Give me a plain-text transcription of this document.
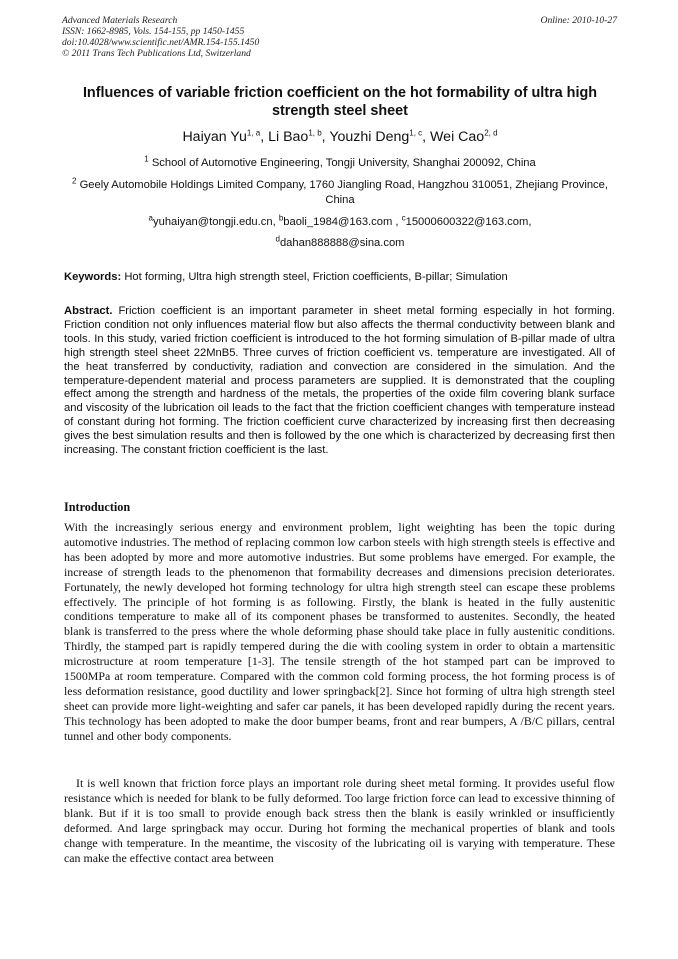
Advanced Materials Research
ISSN: 1662-8985, Vols. 154-155, pp 1450-1455
doi:10.4028/www.scientific.net/AMR.154-155.1450
© 2011 Trans Tech Publications Ltd, Switzerland
Online: 2010-10-27
Influences of variable friction coefficient on the hot formability of ultra high strength steel sheet
Haiyan Yu$^{1, a}$, Li Bao$^{1, b}$, Youzhi Deng$^{1, c}$, Wei Cao$^{2, d}$
$^1$ School of Automotive Engineering, Tongji University, Shanghai 200092, China
$^2$ Geely Automobile Holdings Limited Company, 1760 Jiangling Road, Hangzhou 310051, Zhejiang Province, China
$^a$yuhaiyan@tongji.edu.cn, $^b$baoli_1984@163.com , $^c$15000600322@163.com,
$^d$dahan888888@sina.com
Keywords: Hot forming, Ultra high strength steel, Friction coefficients, B-pillar; Simulation
Abstract. Friction coefficient is an important parameter in sheet metal forming especially in hot forming. Friction condition not only influences material flow but also affects the thermal conductivity between blank and tools. In this study, varied friction coefficient is introduced to the hot forming simulation of B-pillar made of ultra high strength steel sheet 22MnB5. Three curves of friction coefficient vs. temperature are investigated. All of the heat transferred by conductivity, radiation and convection are considered in the simulation. And the temperature-dependent material and process parameters are supplied. It is demonstrated that the coupling effect among the strength and hardness of the metals, the properties of the oxide film covering blank surface and viscosity of the lubrication oil leads to the fact that the friction coefficient changes with temperature instead of constant during hot forming. The friction coefficient curve characterized by increasing first then decreasing gives the best simulation results and then is followed by the one which is characterized by decreasing first then increasing. The constant friction coefficient is the last.
Introduction
With the increasingly serious energy and environment problem, light weighting has been the topic during automotive industries. The method of replacing common low carbon steels with high strength steels is effective and has been adopted by more and more automotive industries. But some problems have emerged. For example, the increase of strength leads to the phenomenon that formability decreases and dimensions precision deteriorates. Fortunately, the newly developed hot forming technology for ultra high strength steel can escape these problems effectively. The principle of hot forming is as following. Firstly, the blank is heated in the fully austenitic conditions temperature to make all of its component phases be transformed to austenites. Secondly, the heated blank is transferred to the press where the whole deforming phase should take place in fully austenitic conditions. Thirdly, the stamped part is rapidly tempered during the die with cooling system in order to obtain a martensitic microstructure at room temperature [1-3]. The tensile strength of the hot stamped part can be improved to 1500MPa at room temperature. Compared with the common cold forming process, the hot forming process is of less deformation resistance, good ductility and lower springback[2]. Since hot forming of ultra high strength steel sheet can provide more light-weighting and safer car panels, it has been developed rapidly during the recent years. This technology has been adopted to make the door bumper beams, front and rear bumpers, A /B/C pillars, central tunnel and other body components.
It is well known that friction force plays an important role during sheet metal forming. It provides useful flow resistance which is needed for blank to be fully deformed. Too large friction force can lead to excessive thinning of blank. But if it is too small to provide enough back stress then the blank is easily wrinkled or insufficiently deformed. And large springback may occur. During hot forming the mechanical properties of blank and tools change with temperature. In the meantime, the viscosity of the lubricating oil is varying with temperature. These can make the effective contact area between
